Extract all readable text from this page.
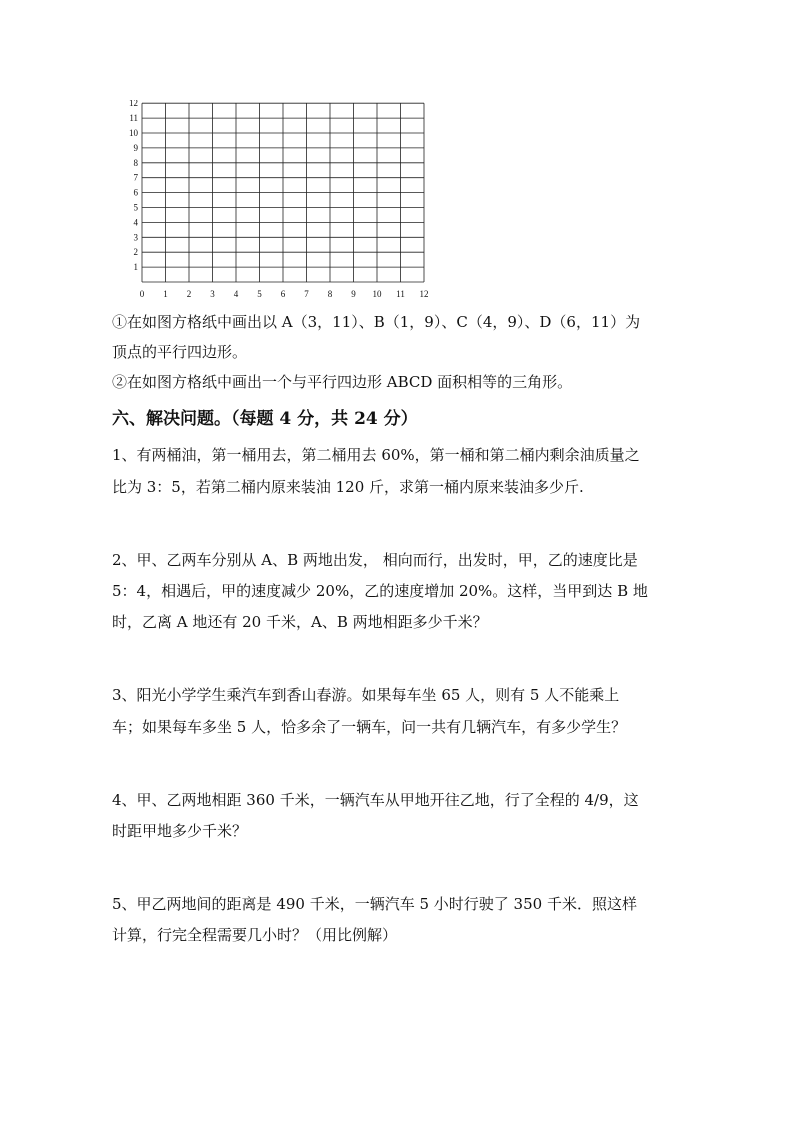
12
11
10
9
8
7
6
5
4
3
2
1
0 1 2 3 4 5 6 7 8 9 10 11 12
①在如图方格纸中画出以 A（3，11）、B（1，9）、C（4，9）、D（6，11）为
顶点的平行四边形。
②在如图方格纸中画出一个与平行四边形 ABCD 面积相等的三角形。
六、解决问题。（每题 4 分，共 24 分）
1、有两桶油，第一桶用去，第二桶用去 60%，第一桶和第二桶内剩余油质量之
比为 3：5，若第二桶内原来装油 120 斤，求第一桶内原来装油多少斤.
2、甲、乙两车分别从 A、B 两地出发， 相向而行，出发时，甲，乙的速度比是
5：4，相遇后，甲的速度减少 20%，乙的速度增加 20%。这样，当甲到达 B 地
时，乙离 A 地还有 20 千米，A、B 两地相距多少千米？
3、阳光小学学生乘汽车到香山春游。如果每车坐 65 人，则有 5 人不能乘上
车；如果每车多坐 5 人，恰多余了一辆车，问一共有几辆汽车，有多少学生？
4、甲、乙两地相距 360 千米，一辆汽车从甲地开往乙地，行了全程的 4/9，这
时距甲地多少千米？
5、甲乙两地间的距离是 490 千米，一辆汽车 5 小时行驶了 350 千米．照这样
计算，行完全程需要几小时？（用比例解）
